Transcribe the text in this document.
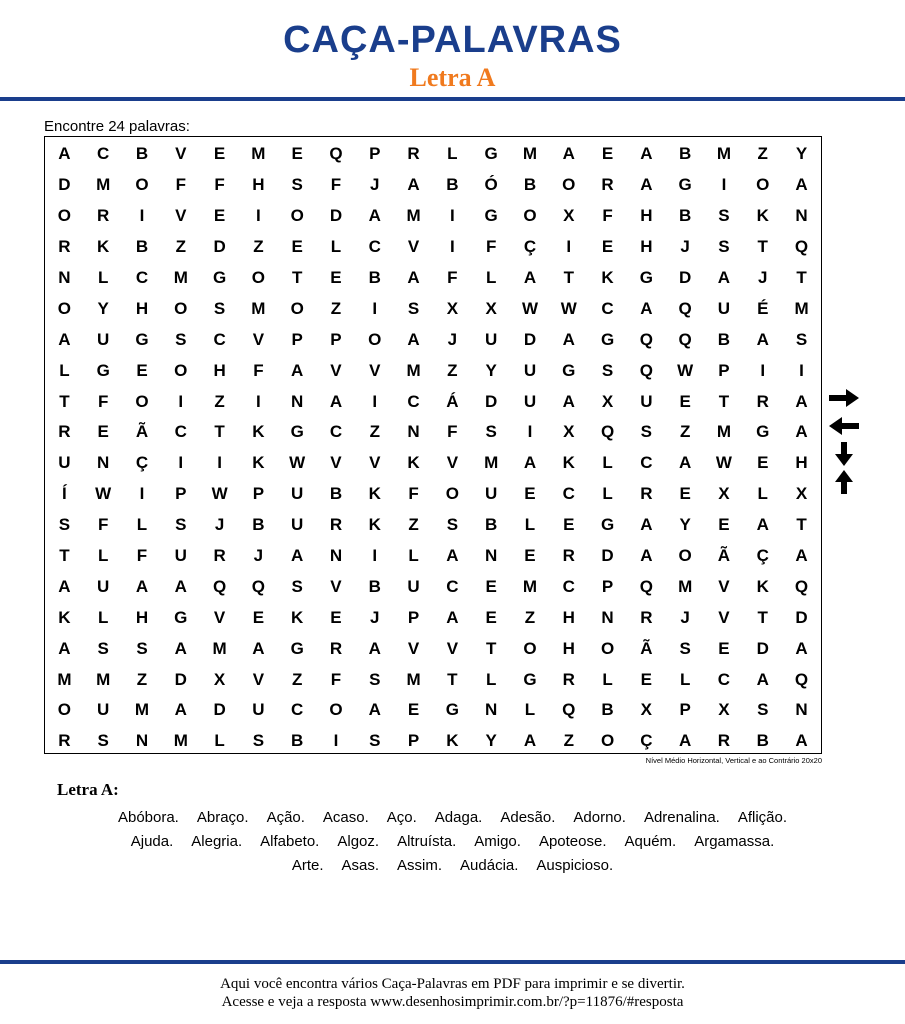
CAÇA-PALAVRAS
Letra A
Encontre 24 palavras:
A	C	B	V	E	M	E	Q	P	R	L	G	M	A	E	A	B	M	Z	Y
D	M	O	F	F	H	S	F	J	A	B	Ó	B	O	R	A	G	I	O	A
O	R	I	V	E	I	O	D	A	M	I	G	O	X	F	H	B	S	K	N
R	K	B	Z	D	Z	E	L	C	V	I	F	Ç	I	E	H	J	S	T	Q
N	L	C	M	G	O	T	E	B	A	F	L	A	T	K	G	D	A	J	T
O	Y	H	O	S	M	O	Z	I	S	X	X	W	W	C	A	Q	U	É	M
A	U	G	S	C	V	P	P	O	A	J	U	D	A	G	Q	Q	B	A	S
L	G	E	O	H	F	A	V	V	M	Z	Y	U	G	S	Q	W	P	I	I
T	F	O	I	Z	I	N	A	I	C	Á	D	U	A	X	U	E	T	R	A
R	E	Ã	C	T	K	G	C	Z	N	F	S	I	X	Q	S	Z	M	G	A
U	N	Ç	I	I	K	W	V	V	K	V	M	A	K	L	C	A	W	E	H
Í	W	I	P	W	P	U	B	K	F	O	U	E	C	L	R	E	X	L	X
S	F	L	S	J	B	U	R	K	Z	S	B	L	E	G	A	Y	E	A	T
T	L	F	U	R	J	A	N	I	L	A	N	E	R	D	A	O	Ã	Ç	A
A	U	A	A	Q	Q	S	V	B	U	C	E	M	C	P	Q	M	V	K	Q
K	L	H	G	V	E	K	E	J	P	A	E	Z	H	N	R	J	V	T	D
A	S	S	A	M	A	G	R	A	V	V	T	O	H	O	Ã	S	E	D	A
M	M	Z	D	X	V	Z	F	S	M	T	L	G	R	L	E	L	C	A	Q
O	U	M	A	D	U	C	O	A	E	G	N	L	Q	B	X	P	X	S	N
R	S	N	M	L	S	B	I	S	P	K	Y	A	Z	O	Ç	A	R	B	A
Nível Médio Horizontal, Vertical e ao Contrário 20x20
Letra A:
Abóbora. Abraço. Ação. Acaso. Aço. Adaga. Adesão. Adorno. Adrenalina. Aflição.
Ajuda. Alegria. Alfabeto. Algoz. Altruísta. Amigo. Apoteose. Aquém. Argamassa.
Arte. Asas. Assim. Audácia. Auspicioso.
Aqui você encontra vários Caça-Palavras em PDF para imprimir e se divertir.
Acesse e veja a resposta www.desenhosimprimir.com.br/?p=11876/#resposta
